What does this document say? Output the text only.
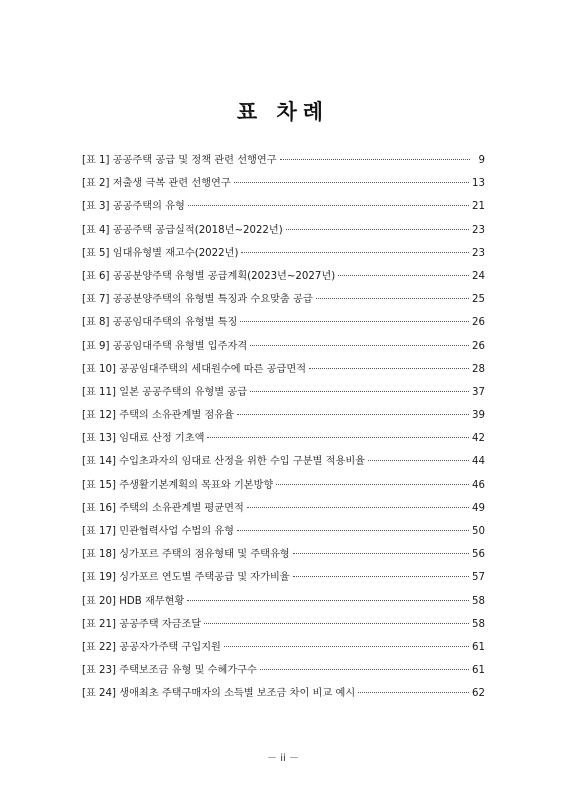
표 차례
[표 1] 공공주택 공급 및 정책 관련 선행연구	9
[표 2] 저출생 극복 관련 선행연구	13
[표 3] 공공주택의 유형	21
[표 4] 공공주택 공급실적(2018년~2022년)	23
[표 5] 임대유형별 재고수(2022년)	23
[표 6] 공공분양주택 유형별 공급계획(2023년~2027년)	24
[표 7] 공공분양주택의 유형별 특징과 수요맞춤 공급	25
[표 8] 공공임대주택의 유형별 특징	26
[표 9] 공공임대주택 유형별 입주자격	26
[표 10] 공공임대주택의 세대원수에 따른 공급면적	28
[표 11] 일본 공공주택의 유형별 공급	37
[표 12] 주택의 소유관계별 점유율	39
[표 13] 임대료 산정 기초액	42
[표 14] 수입초과자의 임대료 산정을 위한 수입 구분별 적용비율	44
[표 15] 주생활기본계획의 목표와 기본방향	46
[표 16] 주택의 소유관계별 평균면적	49
[표 17] 민관협력사업 수법의 유형	50
[표 18] 싱가포르 주택의 점유형태 및 주택유형	56
[표 19] 싱가포르 연도별 주택공급 및 자가비율	57
[표 20] HDB 재무현황	58
[표 21] 공공주택 자금조달	58
[표 22] 공공자가주택 구입지원	61
[표 23] 주택보조금 유형 및 수혜가구수	61
[표 24] 생애최초 주택구매자의 소득별 보조금 차이 비교 예시	62
－ ii －
